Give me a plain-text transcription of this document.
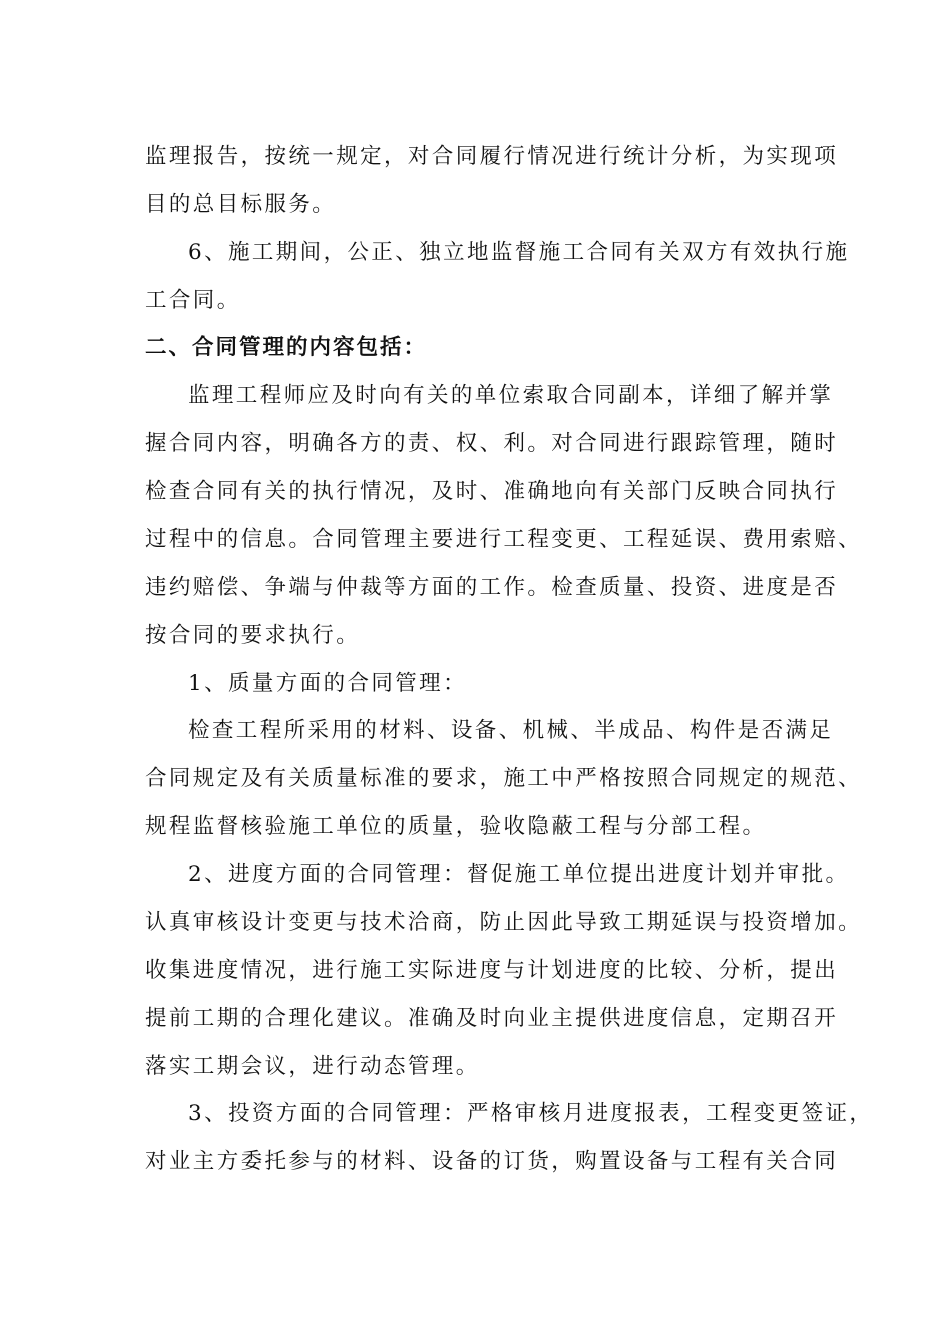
监理报告，按统一规定，对合同履行情况进行统计分析，为实现项
目的总目标服务。
6、施工期间，公正、独立地监督施工合同有关双方有效执行施
工合同。
二、合同管理的内容包括：
监理工程师应及时向有关的单位索取合同副本，详细了解并掌
握合同内容，明确各方的责、权、利。对合同进行跟踪管理，随时
检查合同有关的执行情况，及时、准确地向有关部门反映合同执行
过程中的信息。合同管理主要进行工程变更、工程延误、费用索赔、
违约赔偿、争端与仲裁等方面的工作。检查质量、投资、进度是否
按合同的要求执行。
1、质量方面的合同管理：
检查工程所采用的材料、设备、机械、半成品、构件是否满足
合同规定及有关质量标准的要求，施工中严格按照合同规定的规范、
规程监督核验施工单位的质量，验收隐蔽工程与分部工程。
2、进度方面的合同管理：督促施工单位提出进度计划并审批。
认真审核设计变更与技术洽商，防止因此导致工期延误与投资增加。
收集进度情况，进行施工实际进度与计划进度的比较、分析，提出
提前工期的合理化建议。准确及时向业主提供进度信息，定期召开
落实工期会议，进行动态管理。
3、投资方面的合同管理：严格审核月进度报表，工程变更签证，
对业主方委托参与的材料、设备的订货，购置设备与工程有关合同
